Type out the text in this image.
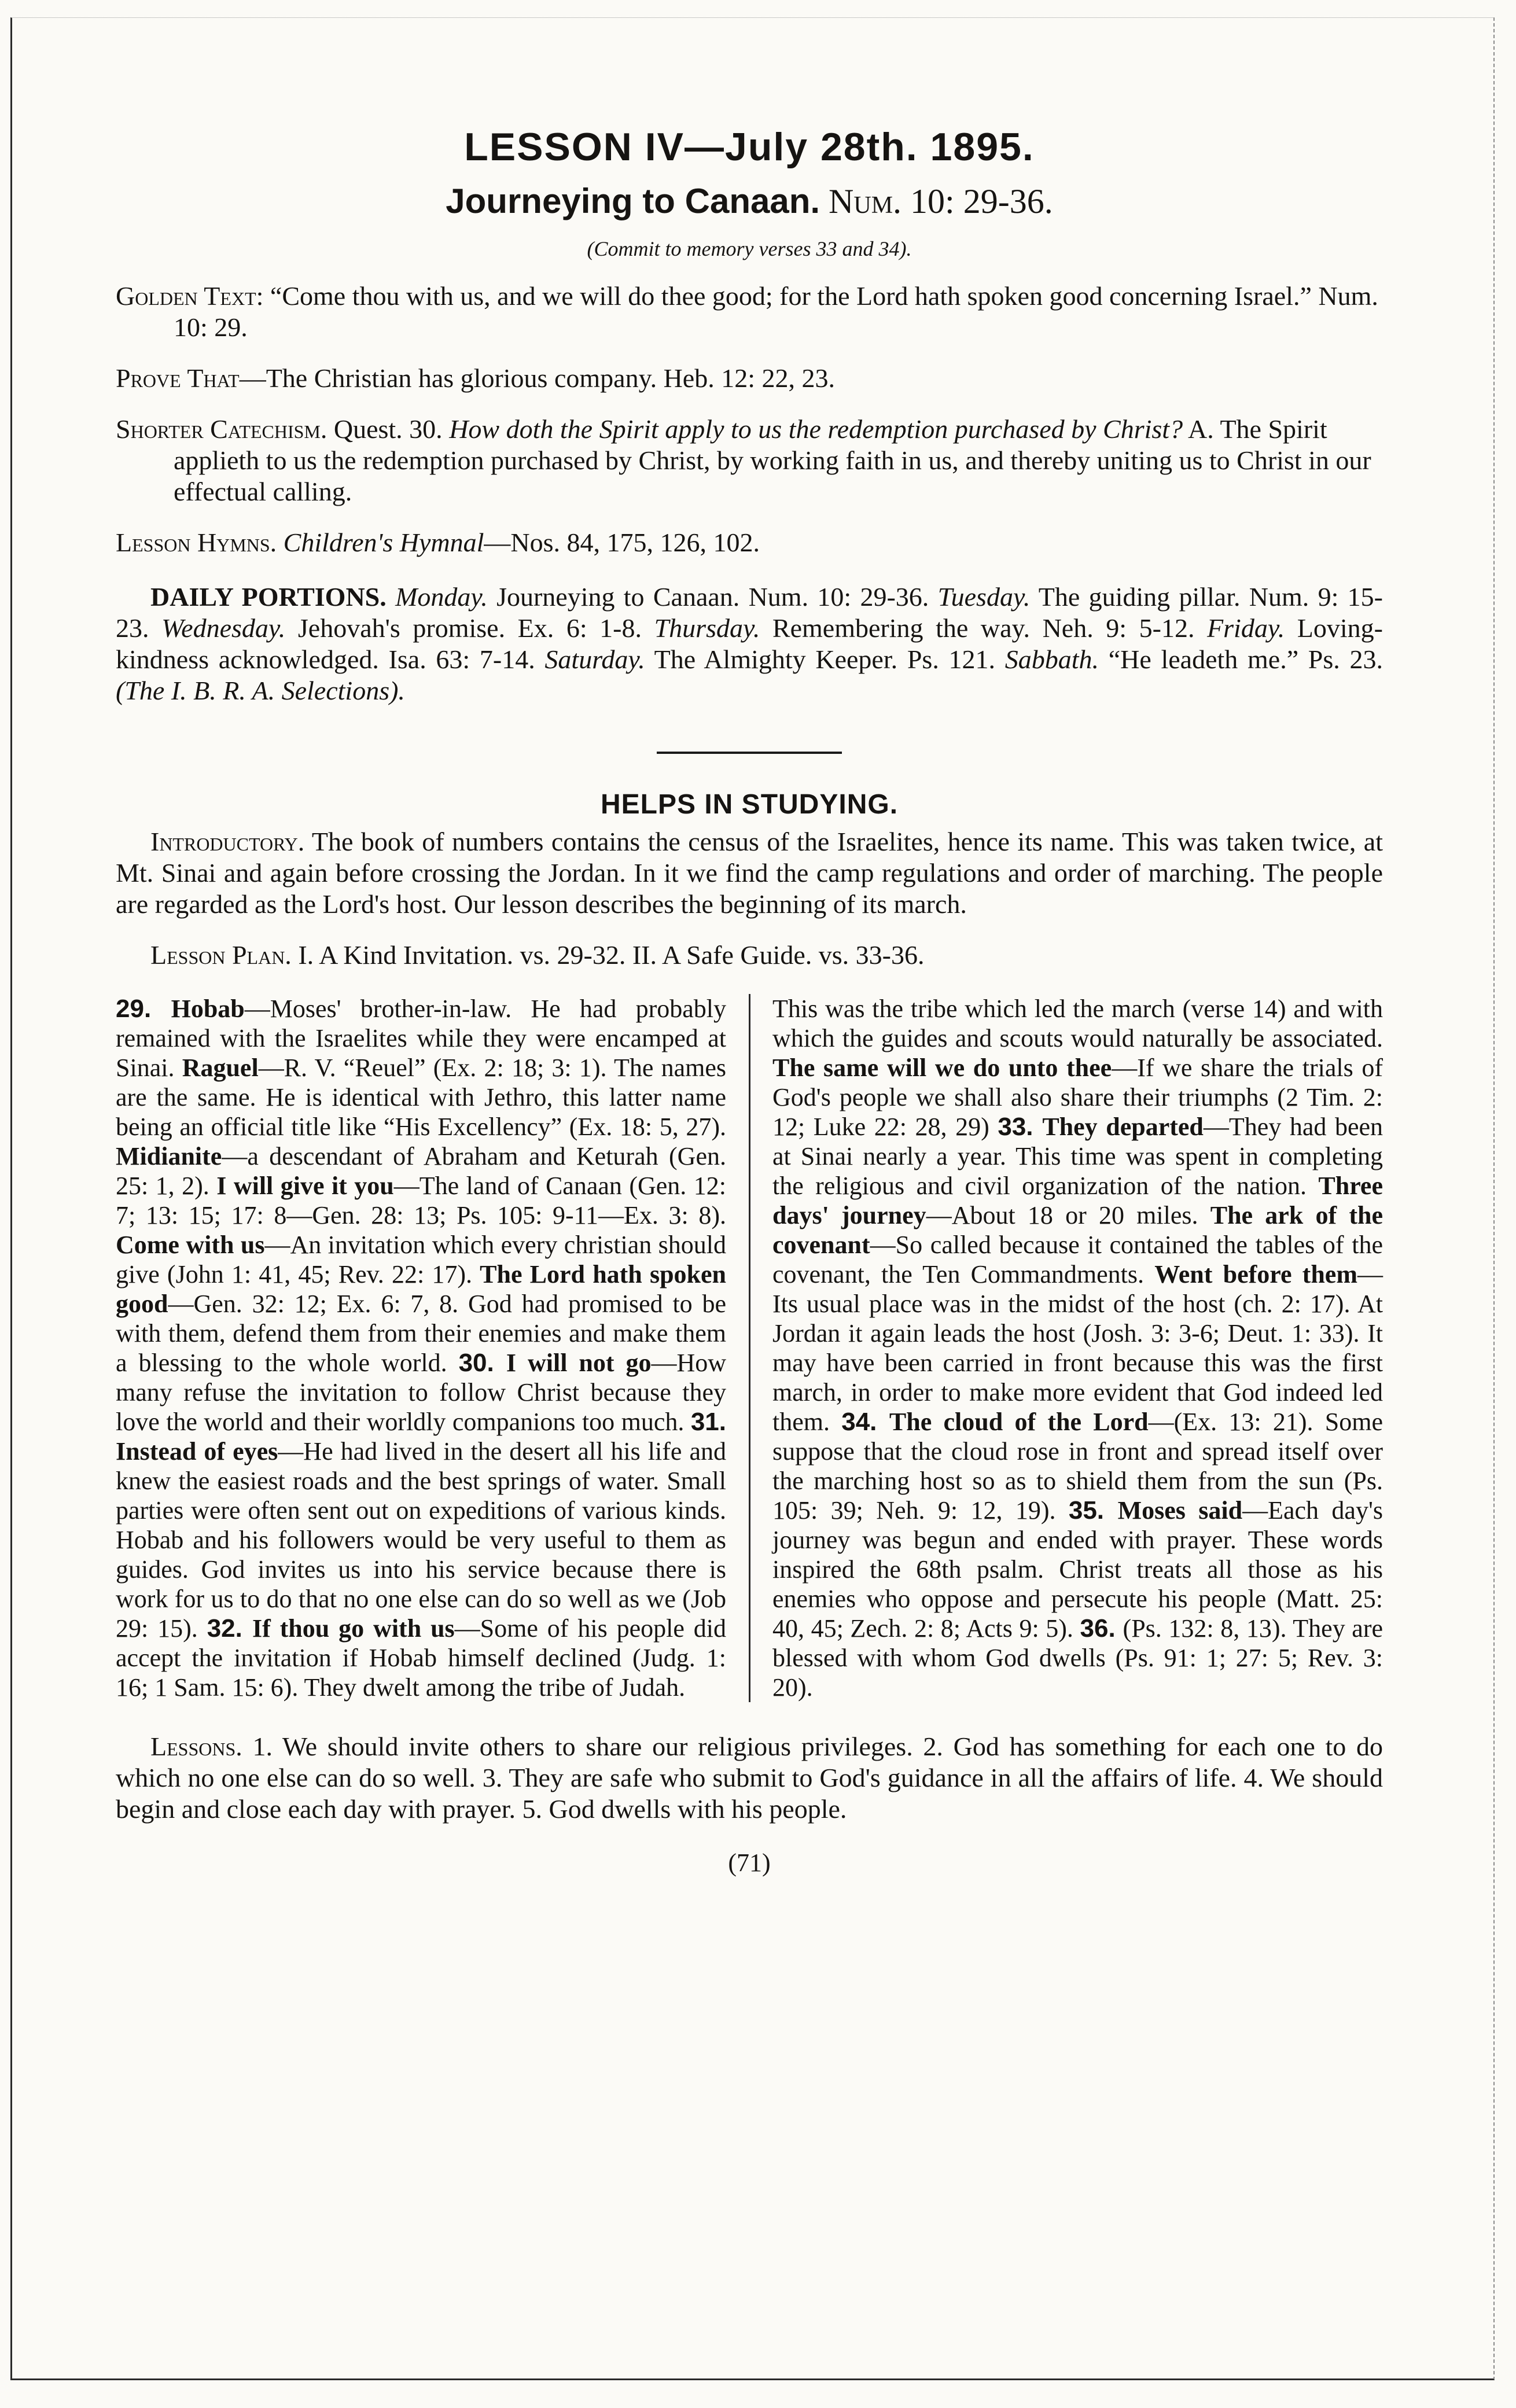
LESSON IV—July 28th. 1895.
Journeying to Canaan. Num. 10: 29-36.
(Commit to memory verses 33 and 34).

Golden Text: “Come thou with us, and we will do thee good; for the Lord hath spoken good concerning Israel.” Num. 10: 29.

Prove That—The Christian has glorious company. Heb. 12: 22, 23.

Shorter Catechism. Quest. 30. How doth the Spirit apply to us the redemption purchased by Christ? A. The Spirit applieth to us the redemption purchased by Christ, by working faith in us, and thereby uniting us to Christ in our effectual calling.

Lesson Hymns. Children's Hymnal—Nos. 84, 175, 126, 102.

DAILY PORTIONS. Monday. Journeying to Canaan. Num. 10: 29-36. Tuesday. The guiding pillar. Num. 9: 15-23. Wednesday. Jehovah's promise. Ex. 6: 1-8. Thursday. Remembering the way. Neh. 9: 5-12. Friday. Loving-kindness acknowledged. Isa. 63: 7-14. Saturday. The Almighty Keeper. Ps. 121. Sabbath. “He leadeth me.” Ps. 23. (The I. B. R. A. Selections).

HELPS IN STUDYING.

Introductory. The book of numbers contains the census of the Israelites, hence its name. This was taken twice, at Mt. Sinai and again before crossing the Jordan. In it we find the camp regulations and order of marching. The people are regarded as the Lord's host. Our lesson describes the beginning of its march.

Lesson Plan. I. A Kind Invitation. vs. 29-32. II. A Safe Guide. vs. 33-36.

29. Hobab—Moses' brother-in-law. He had probably remained with the Israelites while they were encamped at Sinai. Raguel—R. V. “Reuel” (Ex. 2: 18; 3: 1). The names are the same. He is identical with Jethro, this latter name being an official title like “His Excellency” (Ex. 18: 5, 27). Midianite—a descendant of Abraham and Keturah (Gen. 25: 1, 2). I will give it you—The land of Canaan (Gen. 12: 7; 13: 15; 17: 8—Gen. 28: 13; Ps. 105: 9-11—Ex. 3: 8). Come with us—An invitation which every christian should give (John 1: 41, 45; Rev. 22: 17). The Lord hath spoken good—Gen. 32: 12; Ex. 6: 7, 8. God had promised to be with them, defend them from their enemies and make them a blessing to the whole world. 30. I will not go—How many refuse the invitation to follow Christ because they love the world and their worldly companions too much. 31. Instead of eyes—He had lived in the desert all his life and knew the easiest roads and the best springs of water. Small parties were often sent out on expeditions of various kinds. Hobab and his followers would be very useful to them as guides. God invites us into his service because there is work for us to do that no one else can do so well as we (Job 29: 15). 32. If thou go with us—Some of his people did accept the invitation if Hobab himself declined (Judg. 1: 16; 1 Sam. 15: 6). They dwelt among the tribe of Judah.
This was the tribe which led the march (verse 14) and with which the guides and scouts would naturally be associated. The same will we do unto thee—If we share the trials of God's people we shall also share their triumphs (2 Tim. 2: 12; Luke 22: 28, 29) 33. They departed—They had been at Sinai nearly a year. This time was spent in completing the religious and civil organization of the nation. Three days' journey—About 18 or 20 miles. The ark of the covenant—So called because it contained the tables of the covenant, the Ten Commandments. Went before them—Its usual place was in the midst of the host (ch. 2: 17). At Jordan it again leads the host (Josh. 3: 3-6; Deut. 1: 33). It may have been carried in front because this was the first march, in order to make more evident that God indeed led them. 34. The cloud of the Lord—(Ex. 13: 21). Some suppose that the cloud rose in front and spread itself over the marching host so as to shield them from the sun (Ps. 105: 39; Neh. 9: 12, 19). 35. Moses said—Each day's journey was begun and ended with prayer. These words inspired the 68th psalm. Christ treats all those as his enemies who oppose and persecute his people (Matt. 25: 40, 45; Zech. 2: 8; Acts 9: 5). 36. (Ps. 132: 8, 13). They are blessed with whom God dwells (Ps. 91: 1; 27: 5; Rev. 3: 20).

Lessons. 1. We should invite others to share our religious privileges. 2. God has something for each one to do which no one else can do so well. 3. They are safe who submit to God's guidance in all the affairs of life. 4. We should begin and close each day with prayer. 5. God dwells with his people.

(71)
